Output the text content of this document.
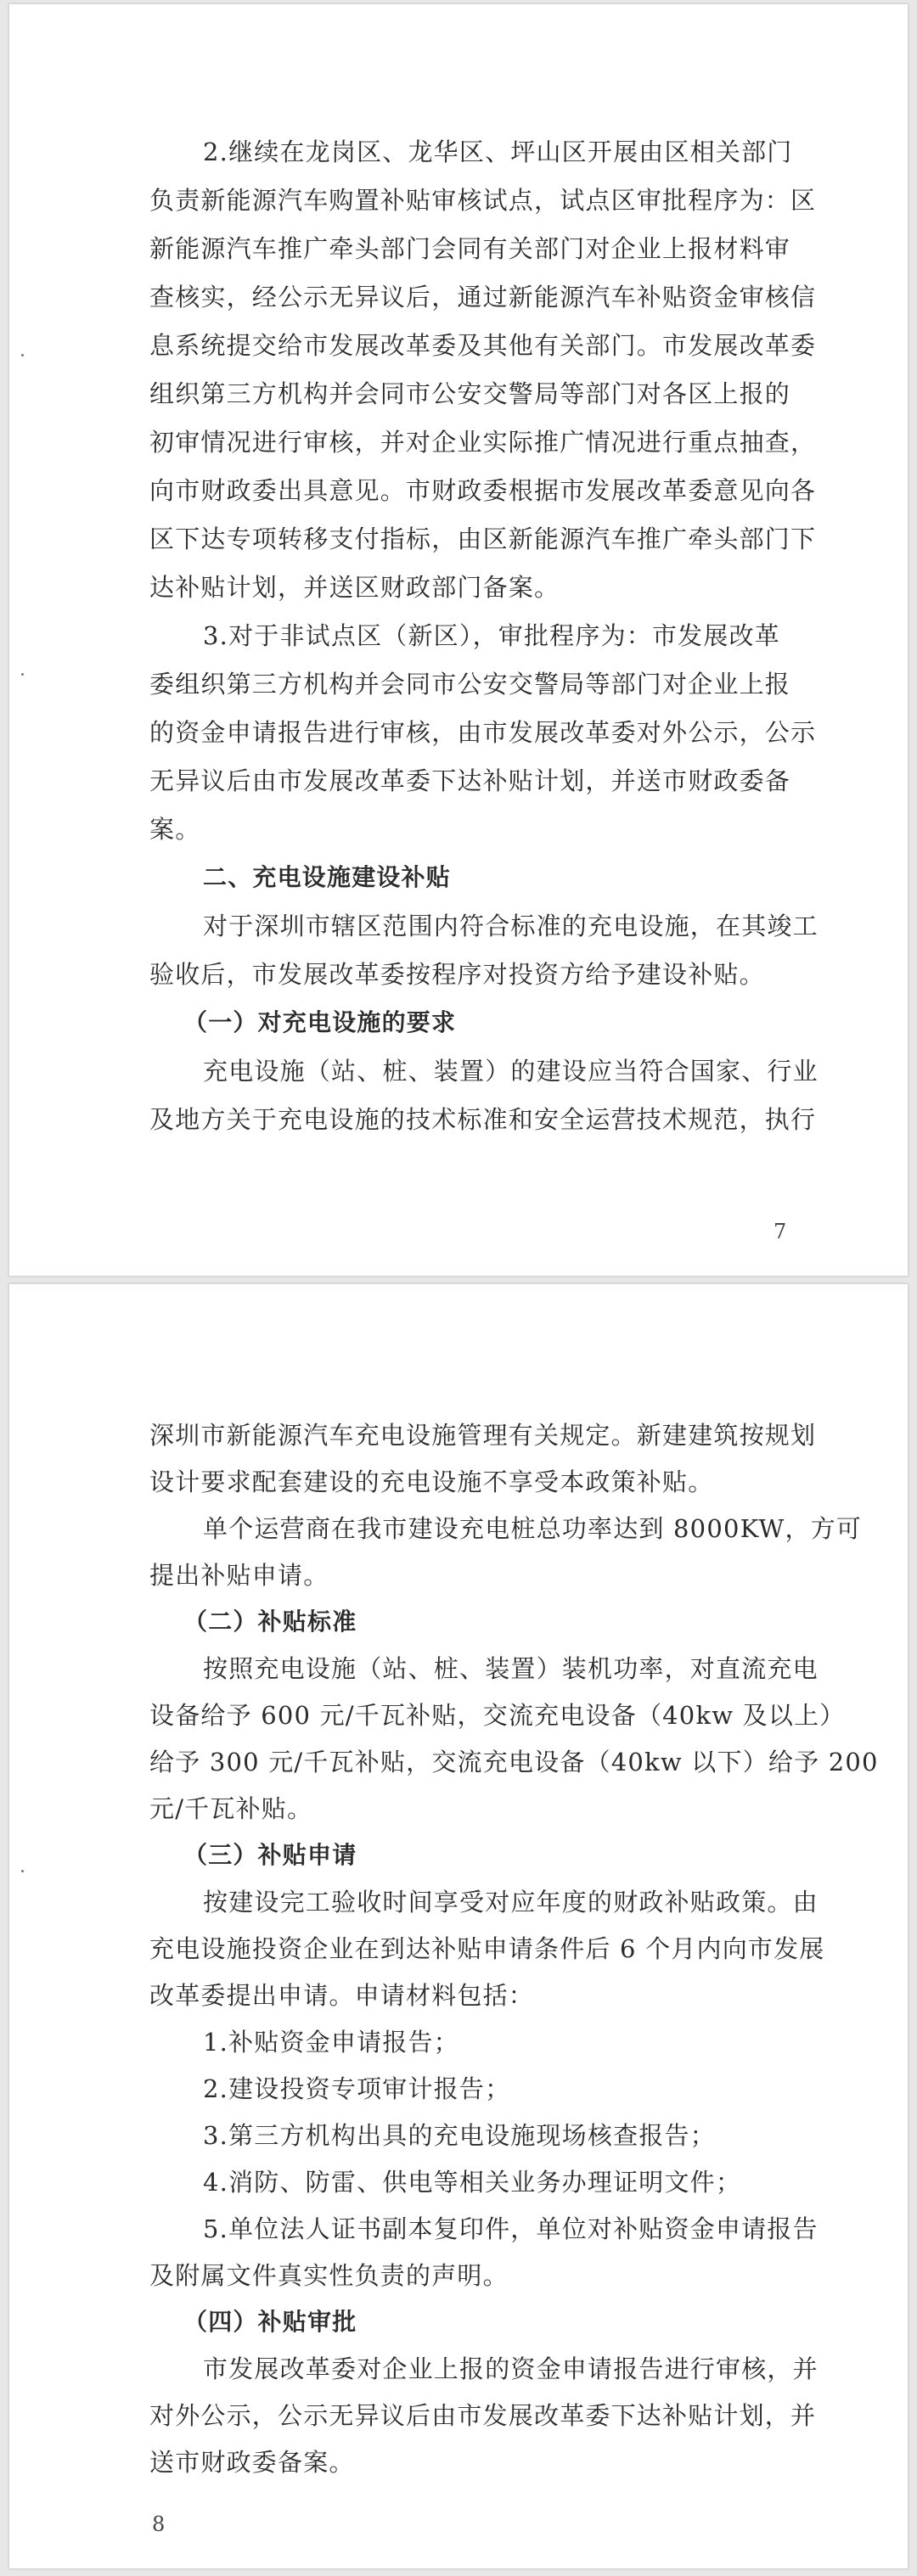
2.继续在龙岗区、龙华区、坪山区开展由区相关部门
负责新能源汽车购置补贴审核试点，试点区审批程序为：区
新能源汽车推广牵头部门会同有关部门对企业上报材料审
查核实，经公示无异议后，通过新能源汽车补贴资金审核信
息系统提交给市发展改革委及其他有关部门。市发展改革委
组织第三方机构并会同市公安交警局等部门对各区上报的
初审情况进行审核，并对企业实际推广情况进行重点抽查，
向市财政委出具意见。市财政委根据市发展改革委意见向各
区下达专项转移支付指标，由区新能源汽车推广牵头部门下
达补贴计划，并送区财政部门备案。
3.对于非试点区（新区），审批程序为：市发展改革
委组织第三方机构并会同市公安交警局等部门对企业上报
的资金申请报告进行审核，由市发展改革委对外公示，公示
无异议后由市发展改革委下达补贴计划，并送市财政委备
案。
二、充电设施建设补贴
对于深圳市辖区范围内符合标准的充电设施，在其竣工
验收后，市发展改革委按程序对投资方给予建设补贴。
（一）对充电设施的要求
充电设施（站、桩、装置）的建设应当符合国家、行业
及地方关于充电设施的技术标准和安全运营技术规范，执行
7
深圳市新能源汽车充电设施管理有关规定。新建建筑按规划
设计要求配套建设的充电设施不享受本政策补贴。
单个运营商在我市建设充电桩总功率达到 8000KW，方可
提出补贴申请。
（二）补贴标准
按照充电设施（站、桩、装置）装机功率，对直流充电
设备给予 600 元/千瓦补贴，交流充电设备（40kw 及以上）
给予 300 元/千瓦补贴，交流充电设备（40kw 以下）给予 200
元/千瓦补贴。
（三）补贴申请
按建设完工验收时间享受对应年度的财政补贴政策。由
充电设施投资企业在到达补贴申请条件后 6 个月内向市发展
改革委提出申请。申请材料包括：
1.补贴资金申请报告；
2.建设投资专项审计报告；
3.第三方机构出具的充电设施现场核查报告；
4.消防、防雷、供电等相关业务办理证明文件；
5.单位法人证书副本复印件，单位对补贴资金申请报告
及附属文件真实性负责的声明。
（四）补贴审批
市发展改革委对企业上报的资金申请报告进行审核，并
对外公示，公示无异议后由市发展改革委下达补贴计划，并
送市财政委备案。
8
